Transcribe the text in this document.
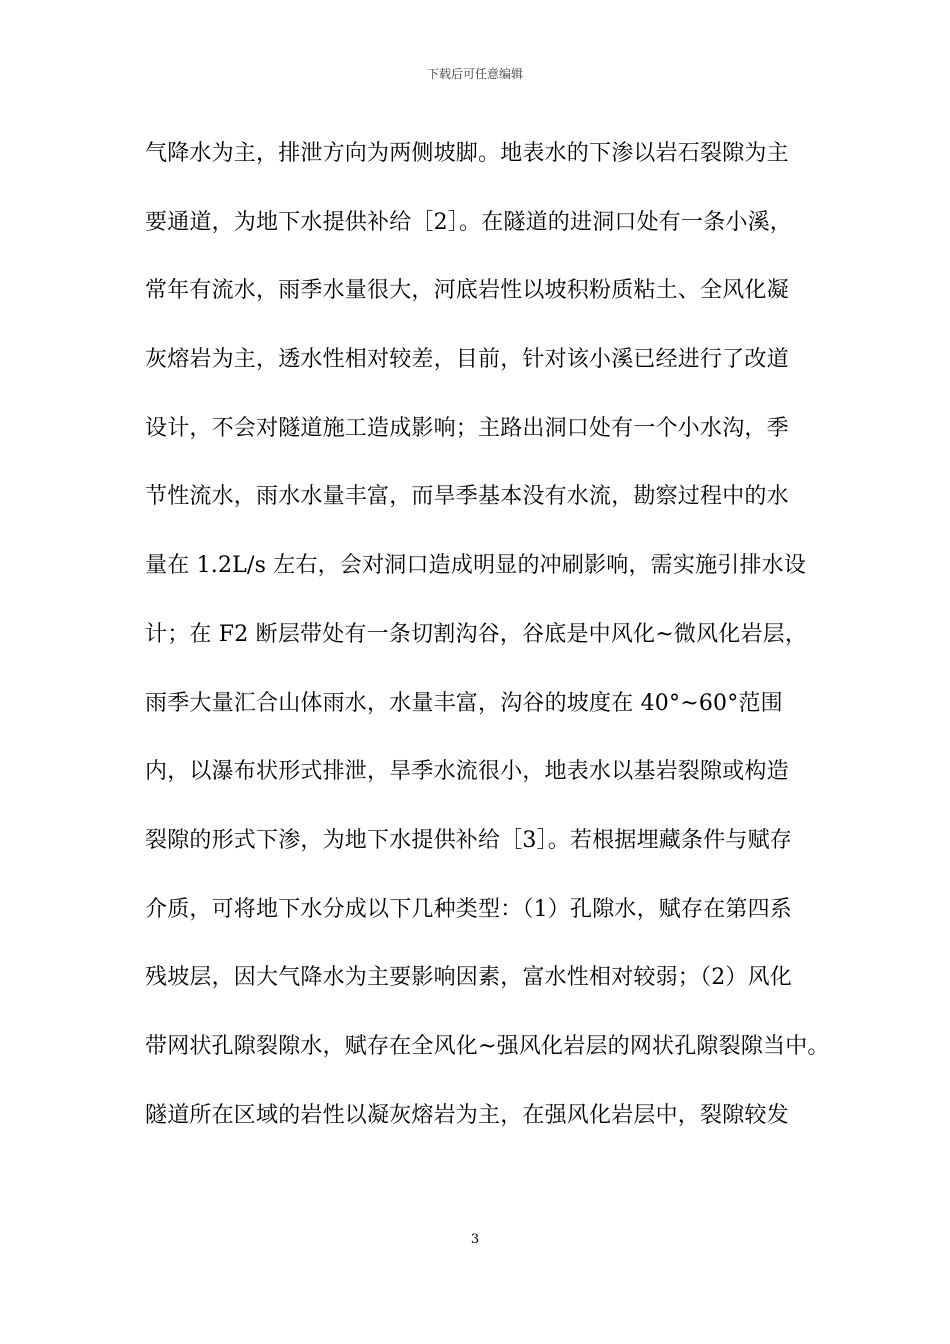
下载后可任意编辑
气降水为主，排泄方向为两侧坡脚。地表水的下渗以岩石裂隙为主
要通道，为地下水提供补给［2］。在隧道的进洞口处有一条小溪，
常年有流水，雨季水量很大，河底岩性以坡积粉质粘土、全风化凝
灰熔岩为主，透水性相对较差，目前，针对该小溪已经进行了改道
设计，不会对隧道施工造成影响；主路出洞口处有一个小水沟，季
节性流水，雨水水量丰富，而旱季基本没有水流，勘察过程中的水
量在 1.2L/s 左右，会对洞口造成明显的冲刷影响，需实施引排水设
计；在 F2 断层带处有一条切割沟谷，谷底是中风化~微风化岩层，
雨季大量汇合山体雨水，水量丰富，沟谷的坡度在 40°~60°范围
内，以瀑布状形式排泄，旱季水流很小，地表水以基岩裂隙或构造
裂隙的形式下渗，为地下水提供补给［3］。若根据埋藏条件与赋存
介质，可将地下水分成以下几种类型：（1）孔隙水，赋存在第四系
残坡层，因大气降水为主要影响因素，富水性相对较弱；（2）风化
带网状孔隙裂隙水，赋存在全风化~强风化岩层的网状孔隙裂隙当中。
隧道所在区域的岩性以凝灰熔岩为主，在强风化岩层中，裂隙较发
3
